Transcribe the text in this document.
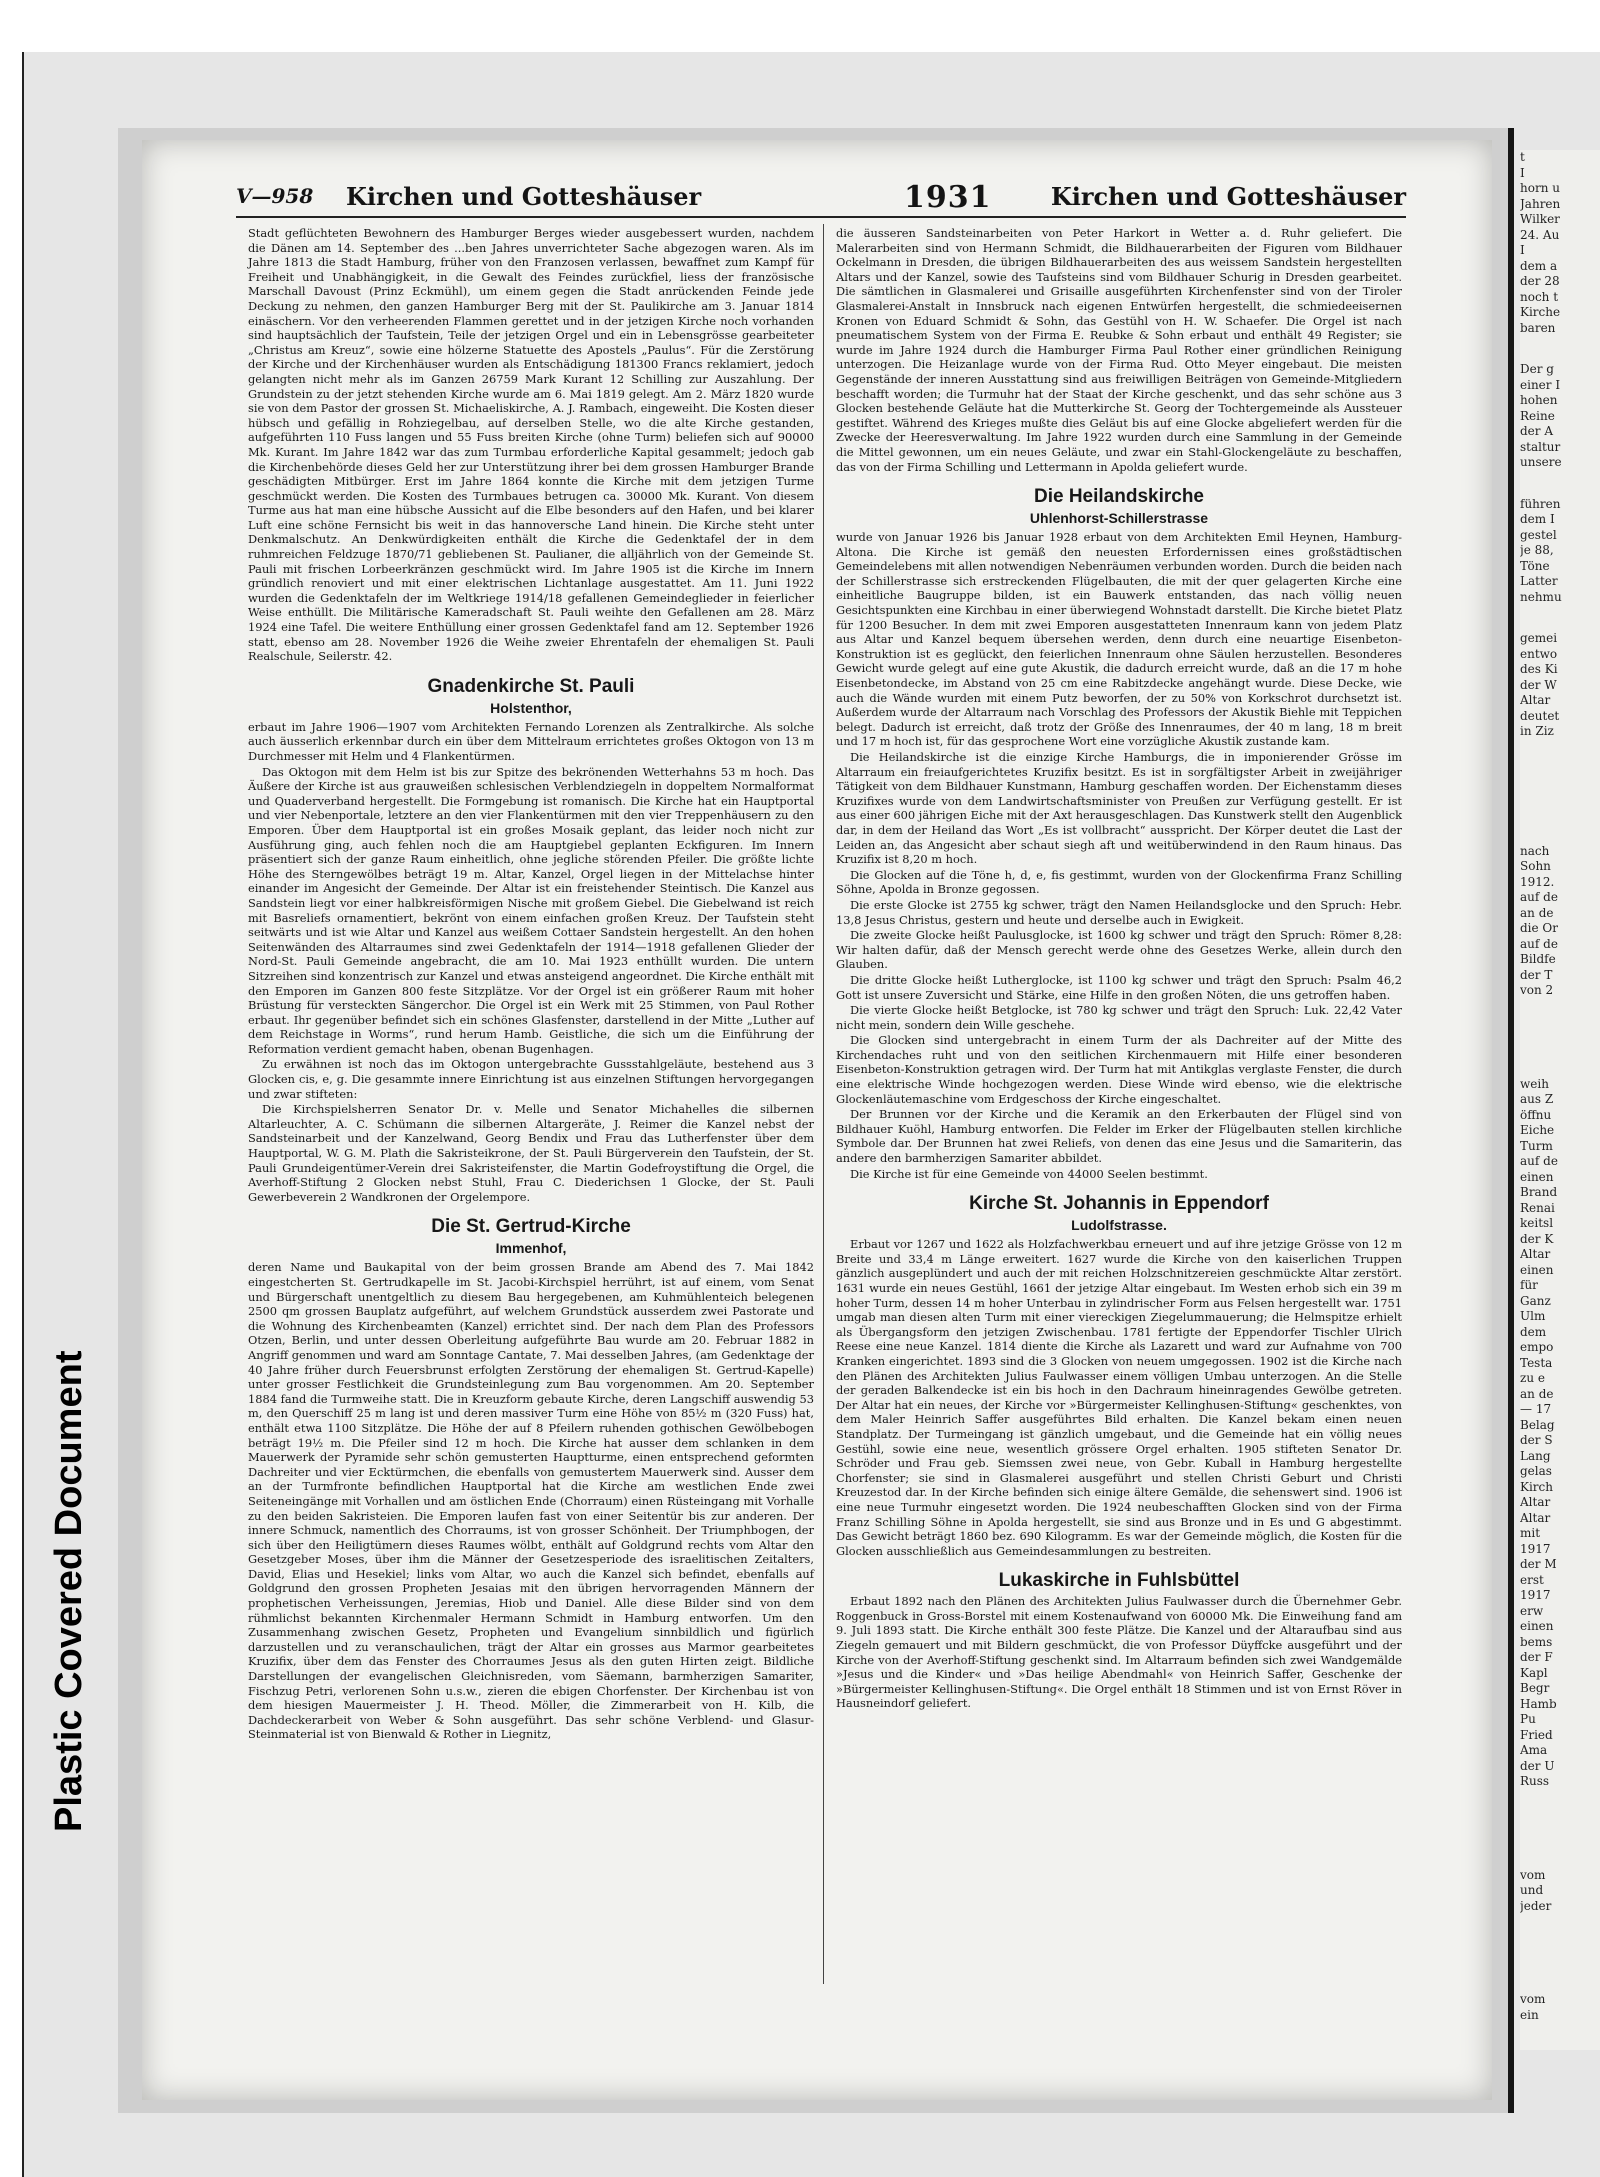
Plastic Covered Document
V—958 Kirchen und Gotteshäuser	1931 Kirchen und Gotteshäuser

Stadt geflüchteten Bewohnern des Hamburger Berges wieder ausgebessert wurden, nachdem die Dänen am 14. September des ...ben Jahres unverrichteter Sache abgezogen waren. Als im Jahre 1813 die Stadt Hamburg, früher von den Franzosen verlassen, bewaffnet zum Kampf für Freiheit und Unabhängigkeit, in die Gewalt des Feindes zurückfiel, liess der französische Marschall Davoust (Prinz Eckmühl), um einem gegen die Stadt anrückenden Feinde jede Deckung zu nehmen, den ganzen Hamburger Berg mit der St. Paulikirche am 3. Januar 1814 einäschern. Vor den verheerenden Flammen gerettet und in der jetzigen Kirche noch vorhanden sind hauptsächlich der Taufstein, Teile der jetzigen Orgel und ein in Lebensgrösse gearbeiteter „Christus am Kreuz“, sowie eine hölzerne Statuette des Apostels „Paulus“. Für die Zerstörung der Kirche und der Kirchenhäuser wurden als Entschädigung 181300 Francs reklamiert, jedoch gelangten nicht mehr als im Ganzen 26759 Mark Kurant 12 Schilling zur Auszahlung. Der Grundstein zu der jetzt stehenden Kirche wurde am 6. Mai 1819 gelegt. Am 2. März 1820 wurde sie von dem Pastor der grossen St. Michaeliskirche, A. J. Rambach, eingeweiht. Die Kosten dieser hübsch und gefällig in Rohziegelbau, auf derselben Stelle, wo die alte Kirche gestanden, aufgeführten 110 Fuss langen und 55 Fuss breiten Kirche (ohne Turm) beliefen sich auf 90000 Mk. Kurant. Im Jahre 1842 war das zum Turmbau erforderliche Kapital gesammelt; jedoch gab die Kirchenbehörde dieses Geld her zur Unterstützung ihrer bei dem grossen Hamburger Brande geschädigten Mitbürger. Erst im Jahre 1864 konnte die Kirche mit dem jetzigen Turme geschmückt werden. Die Kosten des Turmbaues betrugen ca. 30000 Mk. Kurant. Von diesem Turme aus hat man eine hübsche Aussicht auf die Elbe besonders auf den Hafen, und bei klarer Luft eine schöne Fernsicht bis weit in das hannoversche Land hinein. Die Kirche steht unter Denkmalschutz. An Denkwürdigkeiten enthält die Kirche die Gedenktafel der in dem ruhmreichen Feldzuge 1870/71 gebliebenen St. Paulianer, die alljährlich von der Gemeinde St. Pauli mit frischen Lorbeerkränzen geschmückt wird. Im Jahre 1905 ist die Kirche im Innern gründlich renoviert und mit einer elektrischen Lichtanlage ausgestattet. Am 11. Juni 1922 wurden die Gedenktafeln der im Weltkriege 1914/18 gefallenen Gemeindeglieder in feierlicher Weise enthüllt. Die Militärische Kameradschaft St. Pauli weihte den Gefallenen am 28. März 1924 eine Tafel. Die weitere Enthüllung einer grossen Gedenktafel fand am 12. September 1926 statt, ebenso am 28. November 1926 die Weihe zweier Ehrentafeln der ehemaligen St. Pauli Realschule, Seilerstr. 42.

Gnadenkirche St. Pauli
Holstenthor,

erbaut im Jahre 1906—1907 vom Architekten Fernando Lorenzen als Zentralkirche. Als solche auch äusserlich erkennbar durch ein über dem Mittelraum errichtetes großes Oktogon von 13 m Durchmesser mit Helm und 4 Flankentürmen.

Das Oktogon mit dem Helm ist bis zur Spitze des bekrönenden Wetterhahns 53 m hoch. Das Äußere der Kirche ist aus grauweißen schlesischen Verblendziegeln in doppeltem Normalformat und Quaderverband hergestellt. Die Formgebung ist romanisch. Die Kirche hat ein Hauptportal und vier Nebenportale, letztere an den vier Flankentürmen mit den vier Treppenhäusern zu den Emporen. Über dem Hauptportal ist ein großes Mosaik geplant, das leider noch nicht zur Ausführung ging, auch fehlen noch die am Hauptgiebel geplanten Eckfiguren. Im Innern präsentiert sich der ganze Raum einheitlich, ohne jegliche störenden Pfeiler. Die größte lichte Höhe des Sterngewölbes beträgt 19 m. Altar, Kanzel, Orgel liegen in der Mittelachse hinter einander im Angesicht der Gemeinde. Der Altar ist ein freistehender Steintisch. Die Kanzel aus Sandstein liegt vor einer halbkreisförmigen Nische mit großem Giebel. Die Giebelwand ist reich mit Basreliefs ornamentiert, bekrönt von einem einfachen großen Kreuz. Der Taufstein steht seitwärts und ist wie Altar und Kanzel aus weißem Cottaer Sandstein hergestellt. An den hohen Seitenwänden des Altarraumes sind zwei Gedenktafeln der 1914—1918 gefallenen Glieder der Nord-St. Pauli Gemeinde angebracht, die am 10. Mai 1923 enthüllt wurden. Die untern Sitzreihen sind konzentrisch zur Kanzel und etwas ansteigend angeordnet. Die Kirche enthält mit den Emporen im Ganzen 800 feste Sitzplätze. Vor der Orgel ist ein größerer Raum mit hoher Brüstung für versteckten Sängerchor. Die Orgel ist ein Werk mit 25 Stimmen, von Paul Rother erbaut. Ihr gegenüber befindet sich ein schönes Glasfenster, darstellend in der Mitte „Luther auf dem Reichstage in Worms“, rund herum Hamb. Geistliche, die sich um die Einführung der Reformation verdient gemacht haben, obenan Bugenhagen.

Zu erwähnen ist noch das im Oktogon untergebrachte Gussstahlgeläute, bestehend aus 3 Glocken cis, e, g. Die gesammte innere Einrichtung ist aus einzelnen Stiftungen hervorgegangen und zwar stifteten:

Die Kirchspielsherren Senator Dr. v. Melle und Senator Michahelles die silbernen Altarleuchter, A. C. Schümann die silbernen Altargeräte, J. Reimer die Kanzel nebst der Sandsteinarbeit und der Kanzelwand, Georg Bendix und Frau das Lutherfenster über dem Hauptportal, W. G. M. Plath die Sakristeikrone, der St. Pauli Bürgerverein den Taufstein, der St. Pauli Grundeigentümer-Verein drei Sakristeifenster, die Martin Godefroystiftung die Orgel, die Averhoff-Stiftung 2 Glocken nebst Stuhl, Frau C. Diederichsen 1 Glocke, der St. Pauli Gewerbeverein 2 Wandkronen der Orgelempore.

Die St. Gertrud-Kirche
Immenhof,

deren Name und Baukapital von der beim grossen Brande am Abend des 7. Mai 1842 eingestcherten St. Gertrudkapelle im St. Jacobi-Kirchspiel herrührt, ist auf einem, vom Senat und Bürgerschaft unentgeltlich zu diesem Bau hergegebenen, am Kuhmühlenteich belegenen 2500 qm grossen Bauplatz aufgeführt, auf welchem Grundstück ausserdem zwei Pastorate und die Wohnung des Kirchenbeamten (Kanzel) errichtet sind. Der nach dem Plan des Professors Otzen, Berlin, und unter dessen Oberleitung aufgeführte Bau wurde am 20. Februar 1882 in Angriff genommen und ward am Sonntage Cantate, 7. Mai desselben Jahres, (am Gedenktage der 40 Jahre früher durch Feuersbrunst erfolgten Zerstörung der ehemaligen St. Gertrud-Kapelle) unter grosser Festlichkeit die Grundsteinlegung zum Bau vorgenommen. Am 20. September 1884 fand die Turmweihe statt. Die in Kreuzform gebaute Kirche, deren Langschiff auswendig 53 m, den Querschiff 25 m lang ist und deren massiver Turm eine Höhe von 85½ m (320 Fuss) hat, enthält etwa 1100 Sitzplätze. Die Höhe der auf 8 Pfeilern ruhenden gothischen Gewölbebogen beträgt 19½ m. Die Pfeiler sind 12 m hoch. Die Kirche hat ausser dem schlanken in dem Mauerwerk der Pyramide sehr schön gemusterten Hauptturme, einen entsprechend geformten Dachreiter und vier Ecktürmchen, die ebenfalls von gemustertem Mauerwerk sind. Ausser dem an der Turmfronte befindlichen Hauptportal hat die Kirche am westlichen Ende zwei Seiteneingänge mit Vorhallen und am östlichen Ende (Chorraum) einen Rüsteingang mit Vorhalle zu den beiden Sakristeien. Die Emporen laufen fast von einer Seitentür bis zur anderen. Der innere Schmuck, namentlich des Chorraums, ist von grosser Schönheit. Der Triumphbogen, der sich über den Heiligtümern dieses Raumes wölbt, enthält auf Goldgrund rechts vom Altar den Gesetzgeber Moses, über ihm die Männer der Gesetzesperiode des israelitischen Zeitalters, David, Elias und Hesekiel; links vom Altar, wo auch die Kanzel sich befindet, ebenfalls auf Goldgrund den grossen Propheten Jesaias mit den übrigen hervorragenden Männern der prophetischen Verheissungen, Jeremias, Hiob und Daniel. Alle diese Bilder sind von dem rühmlichst bekannten Kirchenmaler Hermann Schmidt in Hamburg entworfen. Um den Zusammenhang zwischen Gesetz, Propheten und Evangelium sinnbildlich und figürlich darzustellen und zu veranschaulichen, trägt der Altar ein grosses aus Marmor gearbeitetes Kruzifix, über dem das Fenster des Chorraumes Jesus als den guten Hirten zeigt. Bildliche Darstellungen der evangelischen Gleichnisreden, vom Säemann, barmherzigen Samariter, Fischzug Petri, verlorenen Sohn u.s.w., zieren die ebigen Chorfenster. Der Kirchenbau ist von dem hiesigen Mauermeister J. H. Theod. Möller, die Zimmerarbeit von H. Kilb, die Dachdeckerarbeit von Weber & Sohn ausgeführt. Das sehr schöne Verblend- und Glasur-Steinmaterial ist von Bienwald & Rother in Liegnitz,

die äusseren Sandsteinarbeiten von Peter Harkort in Wetter a. d. Ruhr geliefert. Die Malerarbeiten sind von Hermann Schmidt, die Bildhauerarbeiten der Figuren vom Bildhauer Ockelmann in Dresden, die übrigen Bildhauerarbeiten des aus weissem Sandstein hergestellten Altars und der Kanzel, sowie des Taufsteins sind vom Bildhauer Schurig in Dresden gearbeitet. Die sämtlichen in Glasmalerei und Grisaille ausgeführten Kirchenfenster sind von der Tiroler Glasmalerei-Anstalt in Innsbruck nach eigenen Entwürfen hergestellt, die schmiedeeisernen Kronen von Eduard Schmidt & Sohn, das Gestühl von H. W. Schaefer. Die Orgel ist nach pneumatischem System von der Firma E. Reubke & Sohn erbaut und enthält 49 Register; sie wurde im Jahre 1924 durch die Hamburger Firma Paul Rother einer gründlichen Reinigung unterzogen. Die Heizanlage wurde von der Firma Rud. Otto Meyer eingebaut. Die meisten Gegenstände der inneren Ausstattung sind aus freiwilligen Beiträgen von Gemeinde-Mitgliedern beschafft worden; die Turmuhr hat der Staat der Kirche geschenkt, und das sehr schöne aus 3 Glocken bestehende Geläute hat die Mutterkirche St. Georg der Tochtergemeinde als Aussteuer gestiftet. Während des Krieges mußte dies Geläut bis auf eine Glocke abgeliefert werden für die Zwecke der Heeresverwaltung. Im Jahre 1922 wurden durch eine Sammlung in der Gemeinde die Mittel gewonnen, um ein neues Geläute, und zwar ein Stahl-Glockengeläute zu beschaffen, das von der Firma Schilling und Lettermann in Apolda geliefert wurde.

Die Heilandskirche
Uhlenhorst-Schillerstrasse

wurde von Januar 1926 bis Januar 1928 erbaut von dem Architekten Emil Heynen, Hamburg-Altona. Die Kirche ist gemäß den neuesten Erfordernissen eines großstädtischen Gemeindelebens mit allen notwendigen Nebenräumen verbunden worden. Durch die beiden nach der Schillerstrasse sich erstreckenden Flügelbauten, die mit der quer gelagerten Kirche eine einheitliche Baugruppe bilden, ist ein Bauwerk entstanden, das nach völlig neuen Gesichtspunkten eine Kirchbau in einer überwiegend Wohnstadt darstellt. Die Kirche bietet Platz für 1200 Besucher. In dem mit zwei Emporen ausgestatteten Innenraum kann von jedem Platz aus Altar und Kanzel bequem übersehen werden, denn durch eine neuartige Eisenbeton-Konstruktion ist es geglückt, den feierlichen Innenraum ohne Säulen herzustellen. Besonderes Gewicht wurde gelegt auf eine gute Akustik, die dadurch erreicht wurde, daß an die 17 m hohe Eisenbetondecke, im Abstand von 25 cm eine Rabitzdecke angehängt wurde. Diese Decke, wie auch die Wände wurden mit einem Putz beworfen, der zu 50% von Korkschrot durchsetzt ist. Außerdem wurde der Altarraum nach Vorschlag des Professors der Akustik Biehle mit Teppichen belegt. Dadurch ist erreicht, daß trotz der Größe des Innenraumes, der 40 m lang, 18 m breit und 17 m hoch ist, für das gesprochene Wort eine vorzügliche Akustik zustande kam.

Die Heilandskirche ist die einzige Kirche Hamburgs, die in imponierender Grösse im Altarraum ein freiaufgerichtetes Kruzifix besitzt. Es ist in sorgfältigster Arbeit in zweijähriger Tätigkeit von dem Bildhauer Kunstmann, Hamburg geschaffen worden. Der Eichenstamm dieses Kruzifixes wurde von dem Landwirtschaftsminister von Preußen zur Verfügung gestellt. Er ist aus einer 600 jährigen Eiche mit der Axt herausgeschlagen. Das Kunstwerk stellt den Augenblick dar, in dem der Heiland das Wort „Es ist vollbracht“ ausspricht. Der Körper deutet die Last der Leiden an, das Angesicht aber schaut siegh aft und weitüberwindend in den Raum hinaus. Das Kruzifix ist 8,20 m hoch.

Die Glocken auf die Töne h, d, e, fis gestimmt, wurden von der Glockenfirma Franz Schilling Söhne, Apolda in Bronze gegossen.

Die erste Glocke ist 2755 kg schwer, trägt den Namen Heilandsglocke und den Spruch: Hebr. 13,8 Jesus Christus, gestern und heute und derselbe auch in Ewigkeit.

Die zweite Glocke heißt Paulusglocke, ist 1600 kg schwer und trägt den Spruch: Römer 8,28: Wir halten dafür, daß der Mensch gerecht werde ohne des Gesetzes Werke, allein durch den Glauben.

Die dritte Glocke heißt Lutherglocke, ist 1100 kg schwer und trägt den Spruch: Psalm 46,2 Gott ist unsere Zuversicht und Stärke, eine Hilfe in den großen Nöten, die uns getroffen haben.

Die vierte Glocke heißt Betglocke, ist 780 kg schwer und trägt den Spruch: Luk. 22,42 Vater nicht mein, sondern dein Wille geschehe.

Die Glocken sind untergebracht in einem Turm der als Dachreiter auf der Mitte des Kirchendaches ruht und von den seitlichen Kirchenmauern mit Hilfe einer besonderen Eisenbeton-Konstruktion getragen wird. Der Turm hat mit Antikglas verglaste Fenster, die durch eine elektrische Winde hochgezogen werden. Diese Winde wird ebenso, wie die elektrische Glockenläutemaschine vom Erdgeschoss der Kirche eingeschaltet.

Der Brunnen vor der Kirche und die Keramik an den Erkerbauten der Flügel sind von Bildhauer Kuöhl, Hamburg entworfen. Die Felder im Erker der Flügelbauten stellen kirchliche Symbole dar. Der Brunnen hat zwei Reliefs, von denen das eine Jesus und die Samariterin, das andere den barmherzigen Samariter abbildet.

Die Kirche ist für eine Gemeinde von 44000 Seelen bestimmt.

Kirche St. Johannis in Eppendorf
Ludolfstrasse.

Erbaut vor 1267 und 1622 als Holzfachwerkbau erneuert und auf ihre jetzige Grösse von 12 m Breite und 33,4 m Länge erweitert. 1627 wurde die Kirche von den kaiserlichen Truppen gänzlich ausgeplündert und auch der mit reichen Holzschnitzereien geschmückte Altar zerstört. 1631 wurde ein neues Gestühl, 1661 der jetzige Altar eingebaut. Im Westen erhob sich ein 39 m hoher Turm, dessen 14 m hoher Unterbau in zylindrischer Form aus Felsen hergestellt war. 1751 umgab man diesen alten Turm mit einer viereckigen Ziegelummauerung; die Helmspitze erhielt als Übergangsform den jetzigen Zwischenbau. 1781 fertigte der Eppendorfer Tischler Ulrich Reese eine neue Kanzel. 1814 diente die Kirche als Lazarett und ward zur Aufnahme von 700 Kranken eingerichtet. 1893 sind die 3 Glocken von neuem umgegossen. 1902 ist die Kirche nach den Plänen des Architekten Julius Faulwasser einem völligen Umbau unterzogen. An die Stelle der geraden Balkendecke ist ein bis hoch in den Dachraum hineinragendes Gewölbe getreten. Der Altar hat ein neues, der Kirche vor »Bürgermeister Kellinghusen-Stiftung« geschenktes, von dem Maler Heinrich Saffer ausgeführtes Bild erhalten. Die Kanzel bekam einen neuen Standplatz. Der Turmeingang ist gänzlich umgebaut, und die Gemeinde hat ein völlig neues Gestühl, sowie eine neue, wesentlich grössere Orgel erhalten. 1905 stifteten Senator Dr. Schröder und Frau geb. Siemssen zwei neue, von Gebr. Kuball in Hamburg hergestellte Chorfenster; sie sind in Glasmalerei ausgeführt und stellen Christi Geburt und Christi Kreuzestod dar. In der Kirche befinden sich einige ältere Gemälde, die sehenswert sind. 1906 ist eine neue Turmuhr eingesetzt worden. Die 1924 neubeschafften Glocken sind von der Firma Franz Schilling Söhne in Apolda hergestellt, sie sind aus Bronze und in Es und G abgestimmt. Das Gewicht beträgt 1860 bez. 690 Kilogramm. Es war der Gemeinde möglich, die Kosten für die Glocken ausschließlich aus Gemeindesammlungen zu bestreiten.

Lukaskirche in Fuhlsbüttel

Erbaut 1892 nach den Plänen des Architekten Julius Faulwasser durch die Übernehmer Gebr. Roggenbuck in Gross-Borstel mit einem Kostenaufwand von 60000 Mk. Die Einweihung fand am 9. Juli 1893 statt. Die Kirche enthält 300 feste Plätze. Die Kanzel und der Altaraufbau sind aus Ziegeln gemauert und mit Bildern geschmückt, die von Professor Düyffcke ausgeführt und der Kirche von der Averhoff-Stiftung geschenkt sind. Im Altarraum befinden sich zwei Wandgemälde »Jesus und die Kinder« und »Das heilige Abendmahl« von Heinrich Saffer, Geschenke der »Bürgermeister Kellinghusen-Stiftung«. Die Orgel enthält 18 Stimmen und ist von Ernst Röver in Hausneindorf geliefert.

t
I
horn u
Jahren
Wilker
24. Au
I
dem a
der 28
noch t
Kirche
baren
Der g
einer I
hohen
Reine
der A
staltur
unsere
führen
dem I
gestel
je 88,
Töne
Latter
nehmu
gemei
entwo
des Ki
der W
Altar
deutet
in Ziz
nach
Sohn
1912.
auf de
an de
die Or
auf de
Bildfe
der T
von 2
weih
aus Z
öffnu
Eiche
Turm
auf de
einen
Brand
Renai
keitsl
der K
Altar
einen
für
Ganz
Ulm
dem
empo
Testa
zu e
an de
— 17
Belag
der S
Lang
gelas
Kirch
Altar
Altar
mit
1917
der M
erst
1917
erw
einen
bems
der F
Kapl
Begr
Hamb
Pu
Fried
Ama
der U
Russ
vom
und
jeder
vom
ein
